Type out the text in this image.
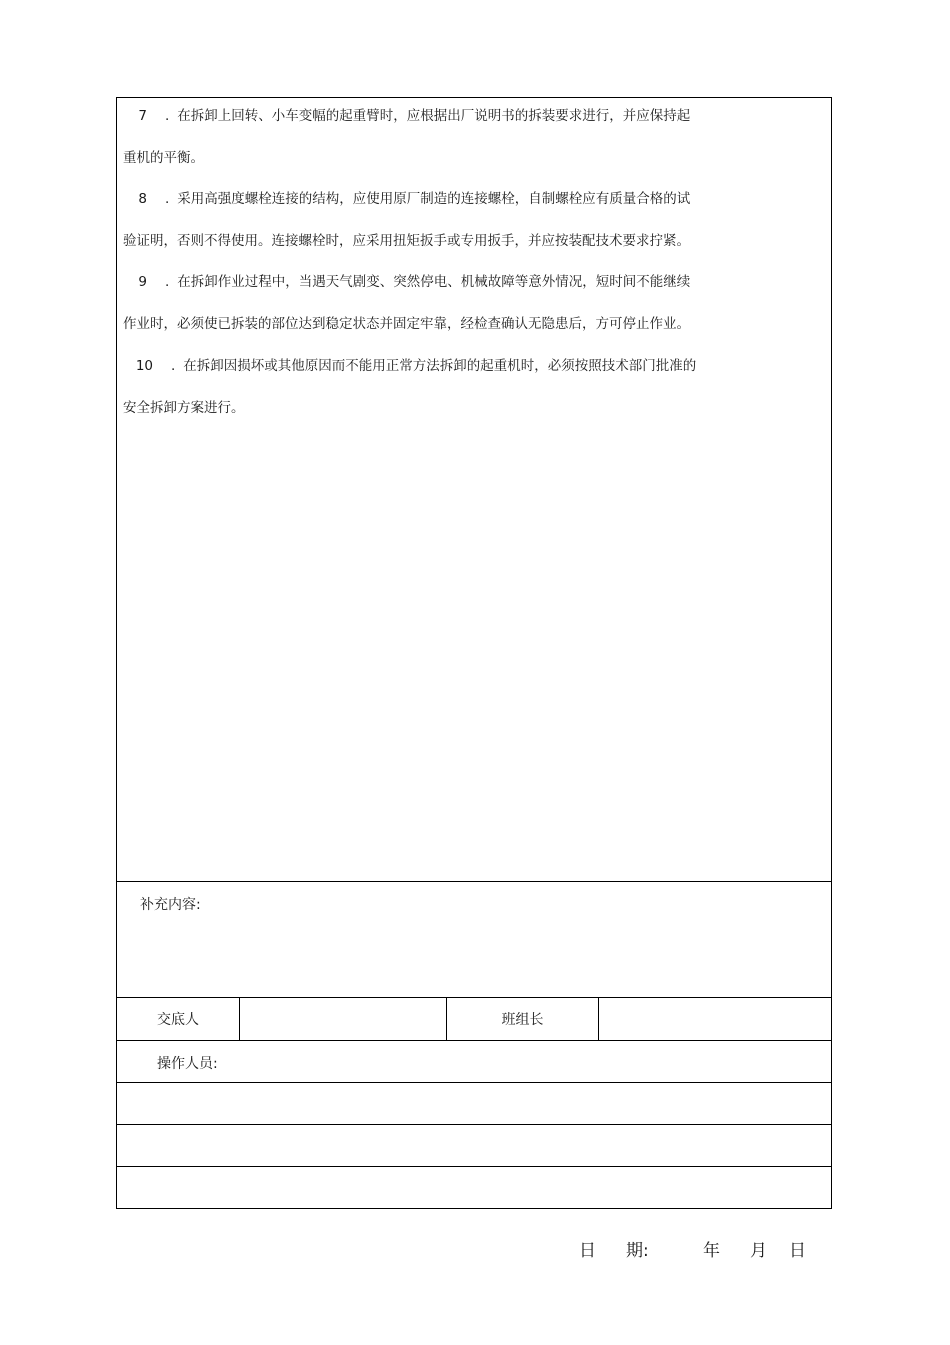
7 . 在拆卸上回转、小车变幅的起重臂时，应根据出厂说明书的拆装要求进行，并应保持起
重机的平衡。
8 . 采用高强度螺栓连接的结构，应使用原厂制造的连接螺栓，自制螺栓应有质量合格的试
验证明，否则不得使用。连接螺栓时，应采用扭矩扳手或专用扳手，并应按装配技术要求拧紧。
9 . 在拆卸作业过程中，当遇天气剧变、突然停电、机械故障等意外情况，短时间不能继续
作业时，必须使已拆装的部位达到稳定状态并固定牢靠，经检查确认无隐患后，方可停止作业。
10 . 在拆卸因损坏或其他原因而不能用正常方法拆卸的起重机时，必须按照技术部门批准的
安全拆卸方案进行。
补充内容:
交底人	班组长
操作人员:
日 期:	年 月 日
